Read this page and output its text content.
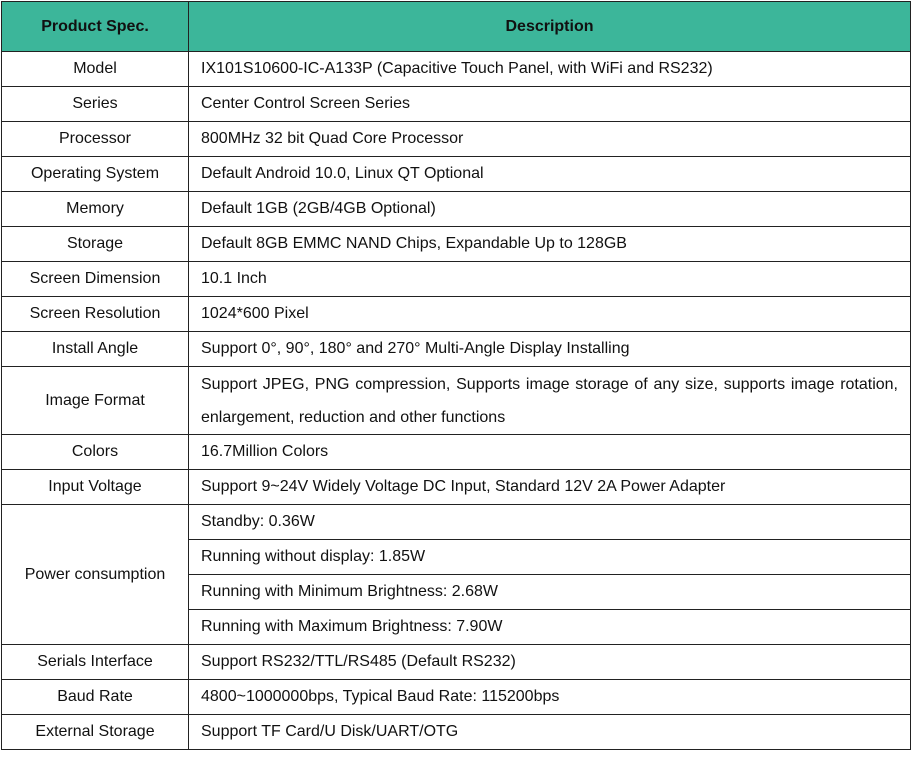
Product Spec.	Description
Model	IX101S10600-IC-A133P (Capacitive Touch Panel, with WiFi and RS232)
Series	Center Control Screen Series
Processor	800MHz 32 bit Quad Core Processor
Operating System	Default Android 10.0, Linux QT Optional
Memory	Default 1GB (2GB/4GB Optional)
Storage	Default 8GB EMMC NAND Chips, Expandable Up to 128GB
Screen Dimension	10.1 Inch
Screen Resolution	1024*600 Pixel
Install Angle	Support 0°, 90°, 180° and 270° Multi-Angle Display Installing
Image Format	Support JPEG, PNG compression, Supports image storage of any size, supports image rotation, enlargement, reduction and other functions
Colors	16.7Million Colors
Input Voltage	Support 9~24V Widely Voltage DC Input, Standard 12V 2A Power Adapter
Power consumption	Standby: 0.36W
	Running without display: 1.85W
	Running with Minimum Brightness: 2.68W
	Running with Maximum Brightness: 7.90W
Serials Interface	Support RS232/TTL/RS485 (Default RS232)
Baud Rate	4800~1000000bps, Typical Baud Rate: 115200bps
External Storage	Support TF Card/U Disk/UART/OTG
